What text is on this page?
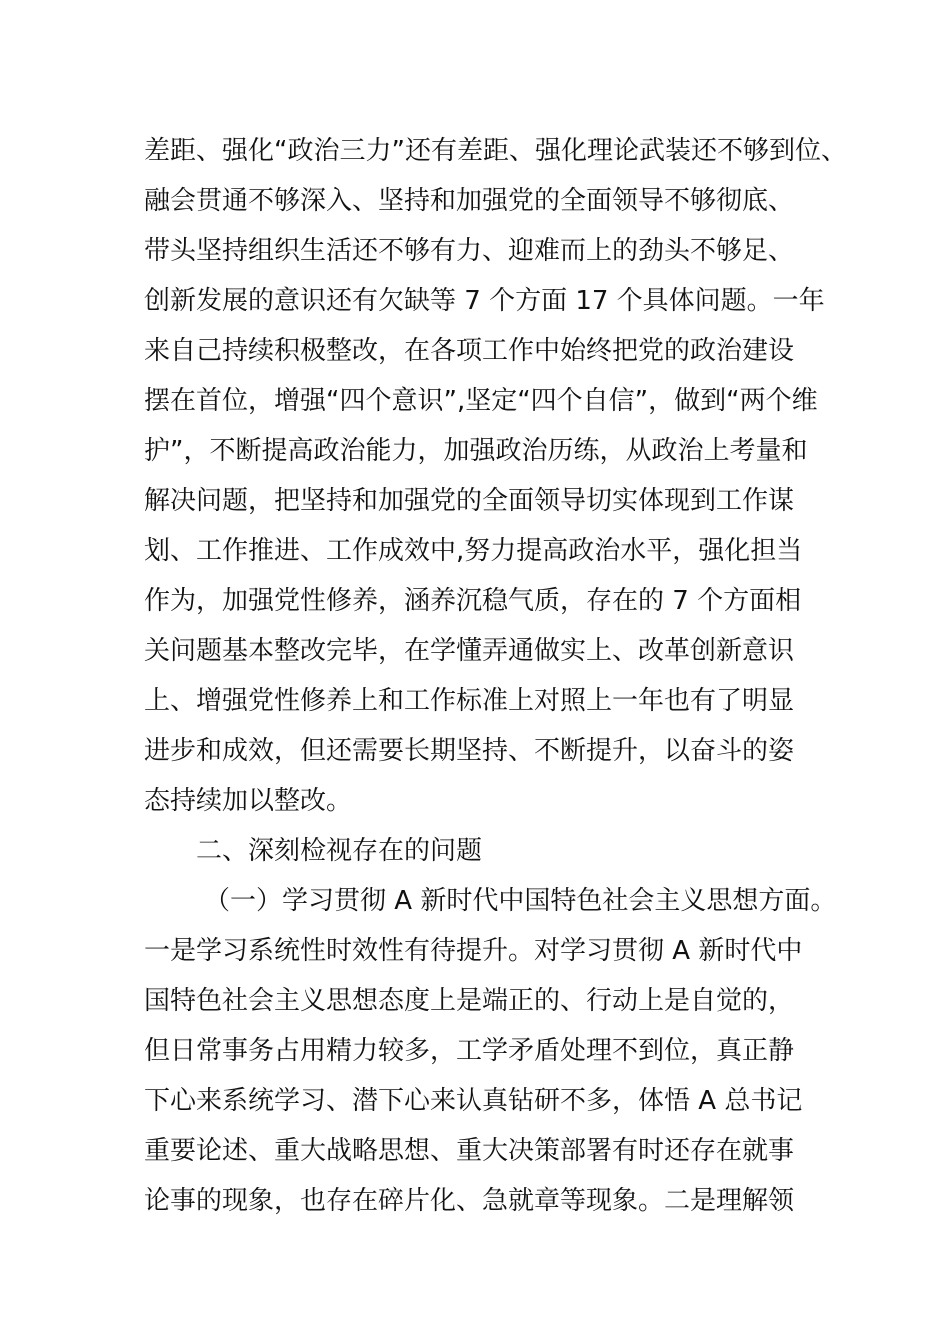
差距、强化“政治三力”还有差距、强化理论武装还不够到位、
融会贯通不够深入、坚持和加强党的全面领导不够彻底、
带头坚持组织生活还不够有力、迎难而上的劲头不够足、
创新发展的意识还有欠缺等 7 个方面 17 个具体问题。一年
来自己持续积极整改，在各项工作中始终把党的政治建设
摆在首位，增强“四个意识”,坚定“四个自信”，做到“两个维
护”，不断提高政治能力，加强政治历练，从政治上考量和
解决问题，把坚持和加强党的全面领导切实体现到工作谋
划、工作推进、工作成效中,努力提高政治水平，强化担当
作为，加强党性修养，涵养沉稳气质，存在的 7 个方面相
关问题基本整改完毕，在学懂弄通做实上、改革创新意识
上、增强党性修养上和工作标准上对照上一年也有了明显
进步和成效，但还需要长期坚持、不断提升，以奋斗的姿
态持续加以整改。
二、深刻检视存在的问题
（一）学习贯彻 A 新时代中国特色社会主义思想方面。
一是学习系统性时效性有待提升。对学习贯彻 A 新时代中
国特色社会主义思想态度上是端正的、行动上是自觉的，
但日常事务占用精力较多，工学矛盾处理不到位，真正静
下心来系统学习、潜下心来认真钻研不多，体悟 A 总书记
重要论述、重大战略思想、重大决策部署有时还存在就事
论事的现象，也存在碎片化、急就章等现象。二是理解领
